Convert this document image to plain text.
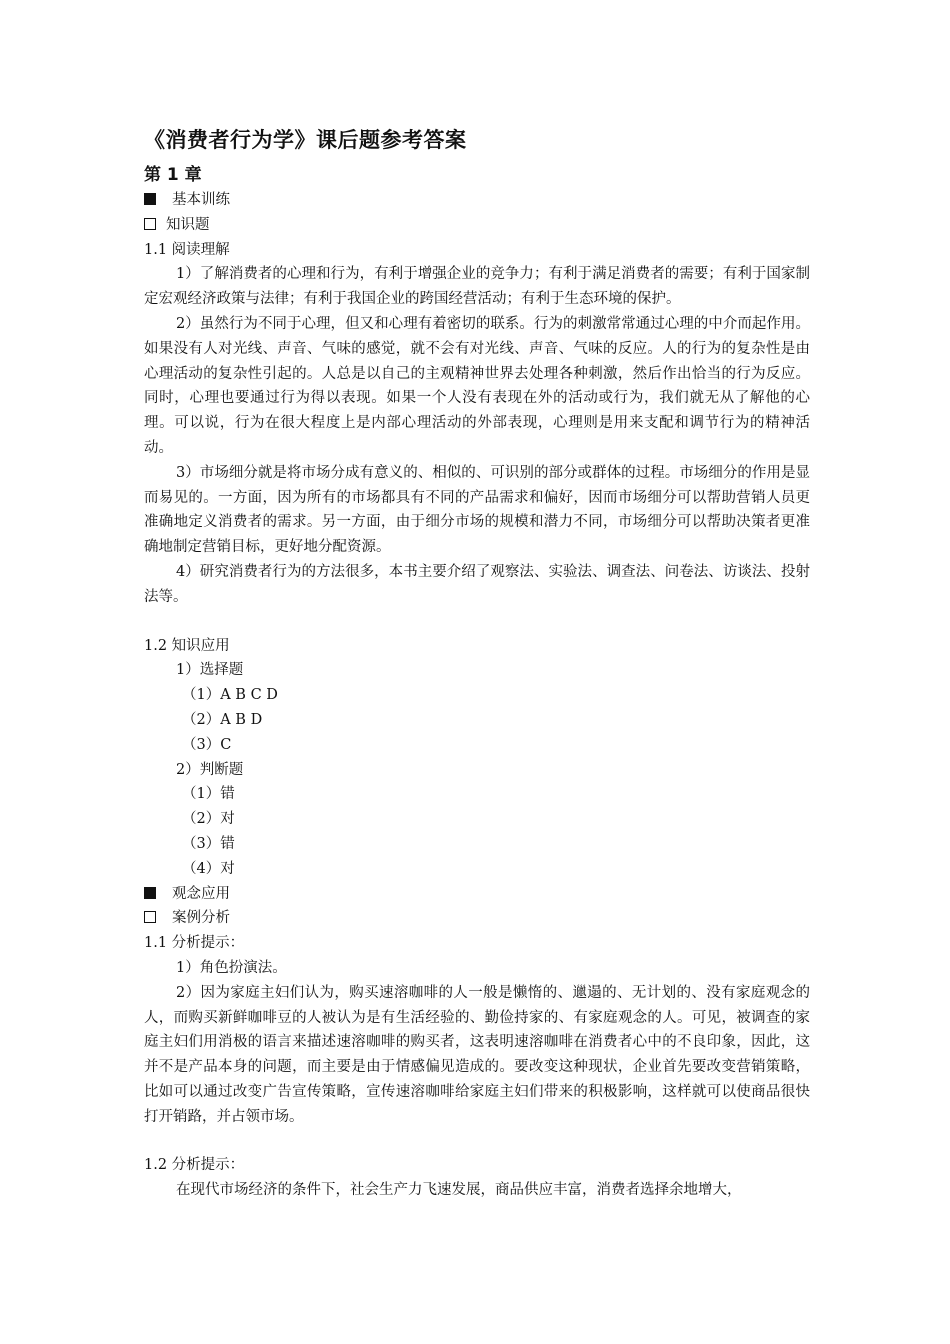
《消费者行为学》课后题参考答案
第 1 章

基本训练

知识题

1.1 阅读理解

1）了解消费者的心理和行为，有利于增强企业的竞争力；有利于满足消费者的需要；有利于国家制定宏观经济政策与法律；有利于我国企业的跨国经营活动；有利于生态环境的保护。

2）虽然行为不同于心理，但又和心理有着密切的联系。行为的刺激常常通过心理的中介而起作用。如果没有人对光线、声音、气味的感觉，就不会有对光线、声音、气味的反应。人的行为的复杂性是由心理活动的复杂性引起的。人总是以自己的主观精神世界去处理各种刺激，然后作出恰当的行为反应。同时，心理也要通过行为得以表现。如果一个人没有表现在外的活动或行为，我们就无从了解他的心理。可以说，行为在很大程度上是内部心理活动的外部表现，心理则是用来支配和调节行为的精神活动。

3）市场细分就是将市场分成有意义的、相似的、可识别的部分或群体的过程。市场细分的作用是显而易见的。一方面，因为所有的市场都具有不同的产品需求和偏好，因而市场细分可以帮助营销人员更准确地定义消费者的需求。另一方面，由于细分市场的规模和潜力不同，市场细分可以帮助决策者更准确地制定营销目标，更好地分配资源。

4）研究消费者行为的方法很多，本书主要介绍了观察法、实验法、调查法、问卷法、访谈法、投射法等。

1.2 知识应用

1）选择题

（1）A B C D

（2）A B D

（3）C

2）判断题

（1）错

（2）对

（3）错

（4）对

观念应用

案例分析

1.1 分析提示：

1）角色扮演法。

2）因为家庭主妇们认为，购买速溶咖啡的人一般是懒惰的、邋遢的、无计划的、没有家庭观念的人，而购买新鲜咖啡豆的人被认为是有生活经验的、勤俭持家的、有家庭观念的人。可见，被调查的家庭主妇们用消极的语言来描述速溶咖啡的购买者，这表明速溶咖啡在消费者心中的不良印象，因此，这并不是产品本身的问题，而主要是由于情感偏见造成的。要改变这种现状，企业首先要改变营销策略，比如可以通过改变广告宣传策略，宣传速溶咖啡给家庭主妇们带来的积极影响，这样就可以使商品很快打开销路，并占领市场。

1.2 分析提示：

在现代市场经济的条件下，社会生产力飞速发展，商品供应丰富，消费者选择余地增大，
